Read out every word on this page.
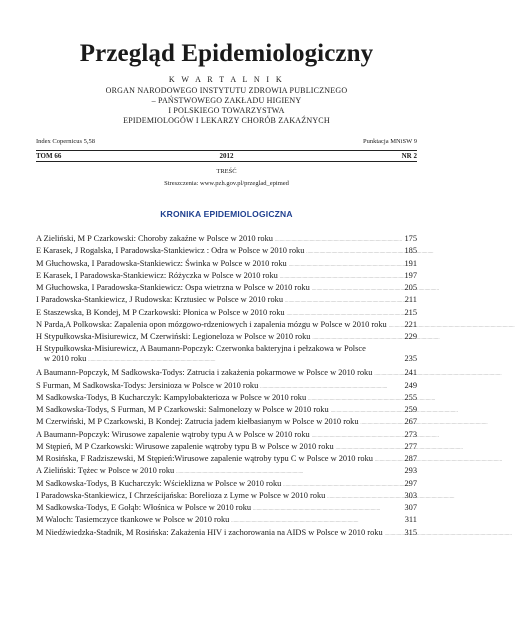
Przegląd Epidemiologiczny
K W A R T A L N I K
ORGAN NARODOWEGO INSTYTUTU ZDROWIA PUBLICZNEGO
– PAŃSTWOWEGO ZAKŁADU HIGIENY
I POLSKIEGO TOWARZYSTWA
EPIDEMIOLOGÓW I LEKARZY CHORÓB ZAKAŹNYCH
Index Copernicus 5,58	Punktacja MNiSW 9
TOM 66	2012	NR 2
TREŚĆ
Streszczenia: www.pzh.gov.pl/przeglad_epimed
KRONIKA EPIDEMIOLOGICZNA
A Zieliński, M P Czarkowski: Choroby zakaźne w Polsce w 2010 roku . . .	175
E Karasek, J Rogalska, I Paradowska-Stankiewicz : Odra w Polsce w 2010 roku . . .	185
M Głuchowska, I Paradowska-Stankiewicz: Świnka w Polsce w 2010 roku . . .	191
E Karasek, I Paradowska-Stankiewicz: Różyczka w Polsce w 2010 roku . . .	197
M Głuchowska, I Paradowska-Stankiewicz: Ospa wietrzna w Polsce w 2010 roku . . .	205
I Paradowska-Stankiewicz, J Rudowska: Krztusiec w Polsce w 2010 roku . . .	211
E Staszewska, B Kondej, M P Czarkowski: Płonica w Polsce w 2010 roku . . .	215
N Parda,A Polkowska: Zapalenia opon mózgowo-rdzeniowych i zapalenia mózgu w Polsce w 2010 roku . . . 221
H Stypułkowska-Misiurewicz, M Czerwiński: Legioneloza w Polsce w 2010 roku . . .	229
H Stypułkowska-Misiurewicz, A Baumann-Popczyk: Czerwonka bakteryjna i pełzakowa w Polsce
w 2010 roku . . .	235
A Baumann-Popczyk, M Sadkowska-Todys: Zatrucia i zakażenia pokarmowe w Polsce w 2010 roku . . .	241
S Furman, M Sadkowska-Todys: Jersinioza w Polsce w 2010 roku . . .	249
M Sadkowska-Todys, B Kucharczyk: Kampylobakterioza w Polsce w 2010 roku . . .	255
M Sadkowska-Todys, S Furman, M P Czarkowski: Salmonelozy w Polsce w 2010 roku . . .	259
M Czerwiński, M P Czarkowski, B Kondej: Zatrucia jadem kiełbasianym w Polsce w 2010 roku . . .	267
A Baumann-Popczyk: Wirusowe zapalenie wątroby typu A w Polsce w 2010 roku . . .	273
M Stępień, M P Czarkowski: Wirusowe zapalenie wątroby typu B w Polsce w 2010 roku . . .	277
M Rosińska, F Radziszewski, M Stępień:Wirusowe zapalenie wątroby typu C w Polsce w 2010 roku . . .	287
A Zieliński: Tężec w Polsce w 2010 roku . . .	293
M Sadkowska-Todys, B Kucharczyk: Wścieklizna w Polsce w 2010 roku . . .	297
I Paradowska-Stankiewicz, I Chrześcijańska: Borelioza z Lyme w Polsce w 2010 roku . . .	303
M Sadkowska-Todys, E Gołąb: Włośnica w Polsce w 2010 roku . . .	307
M Waloch: Tasiemczyce tkankowe w Polsce w 2010 roku . . .	311
M Niedźwiedzka-Stadnik, M Rosińska: Zakażenia HIV i zachorowania na AIDS w Polsce w 2010 roku . . .	315
